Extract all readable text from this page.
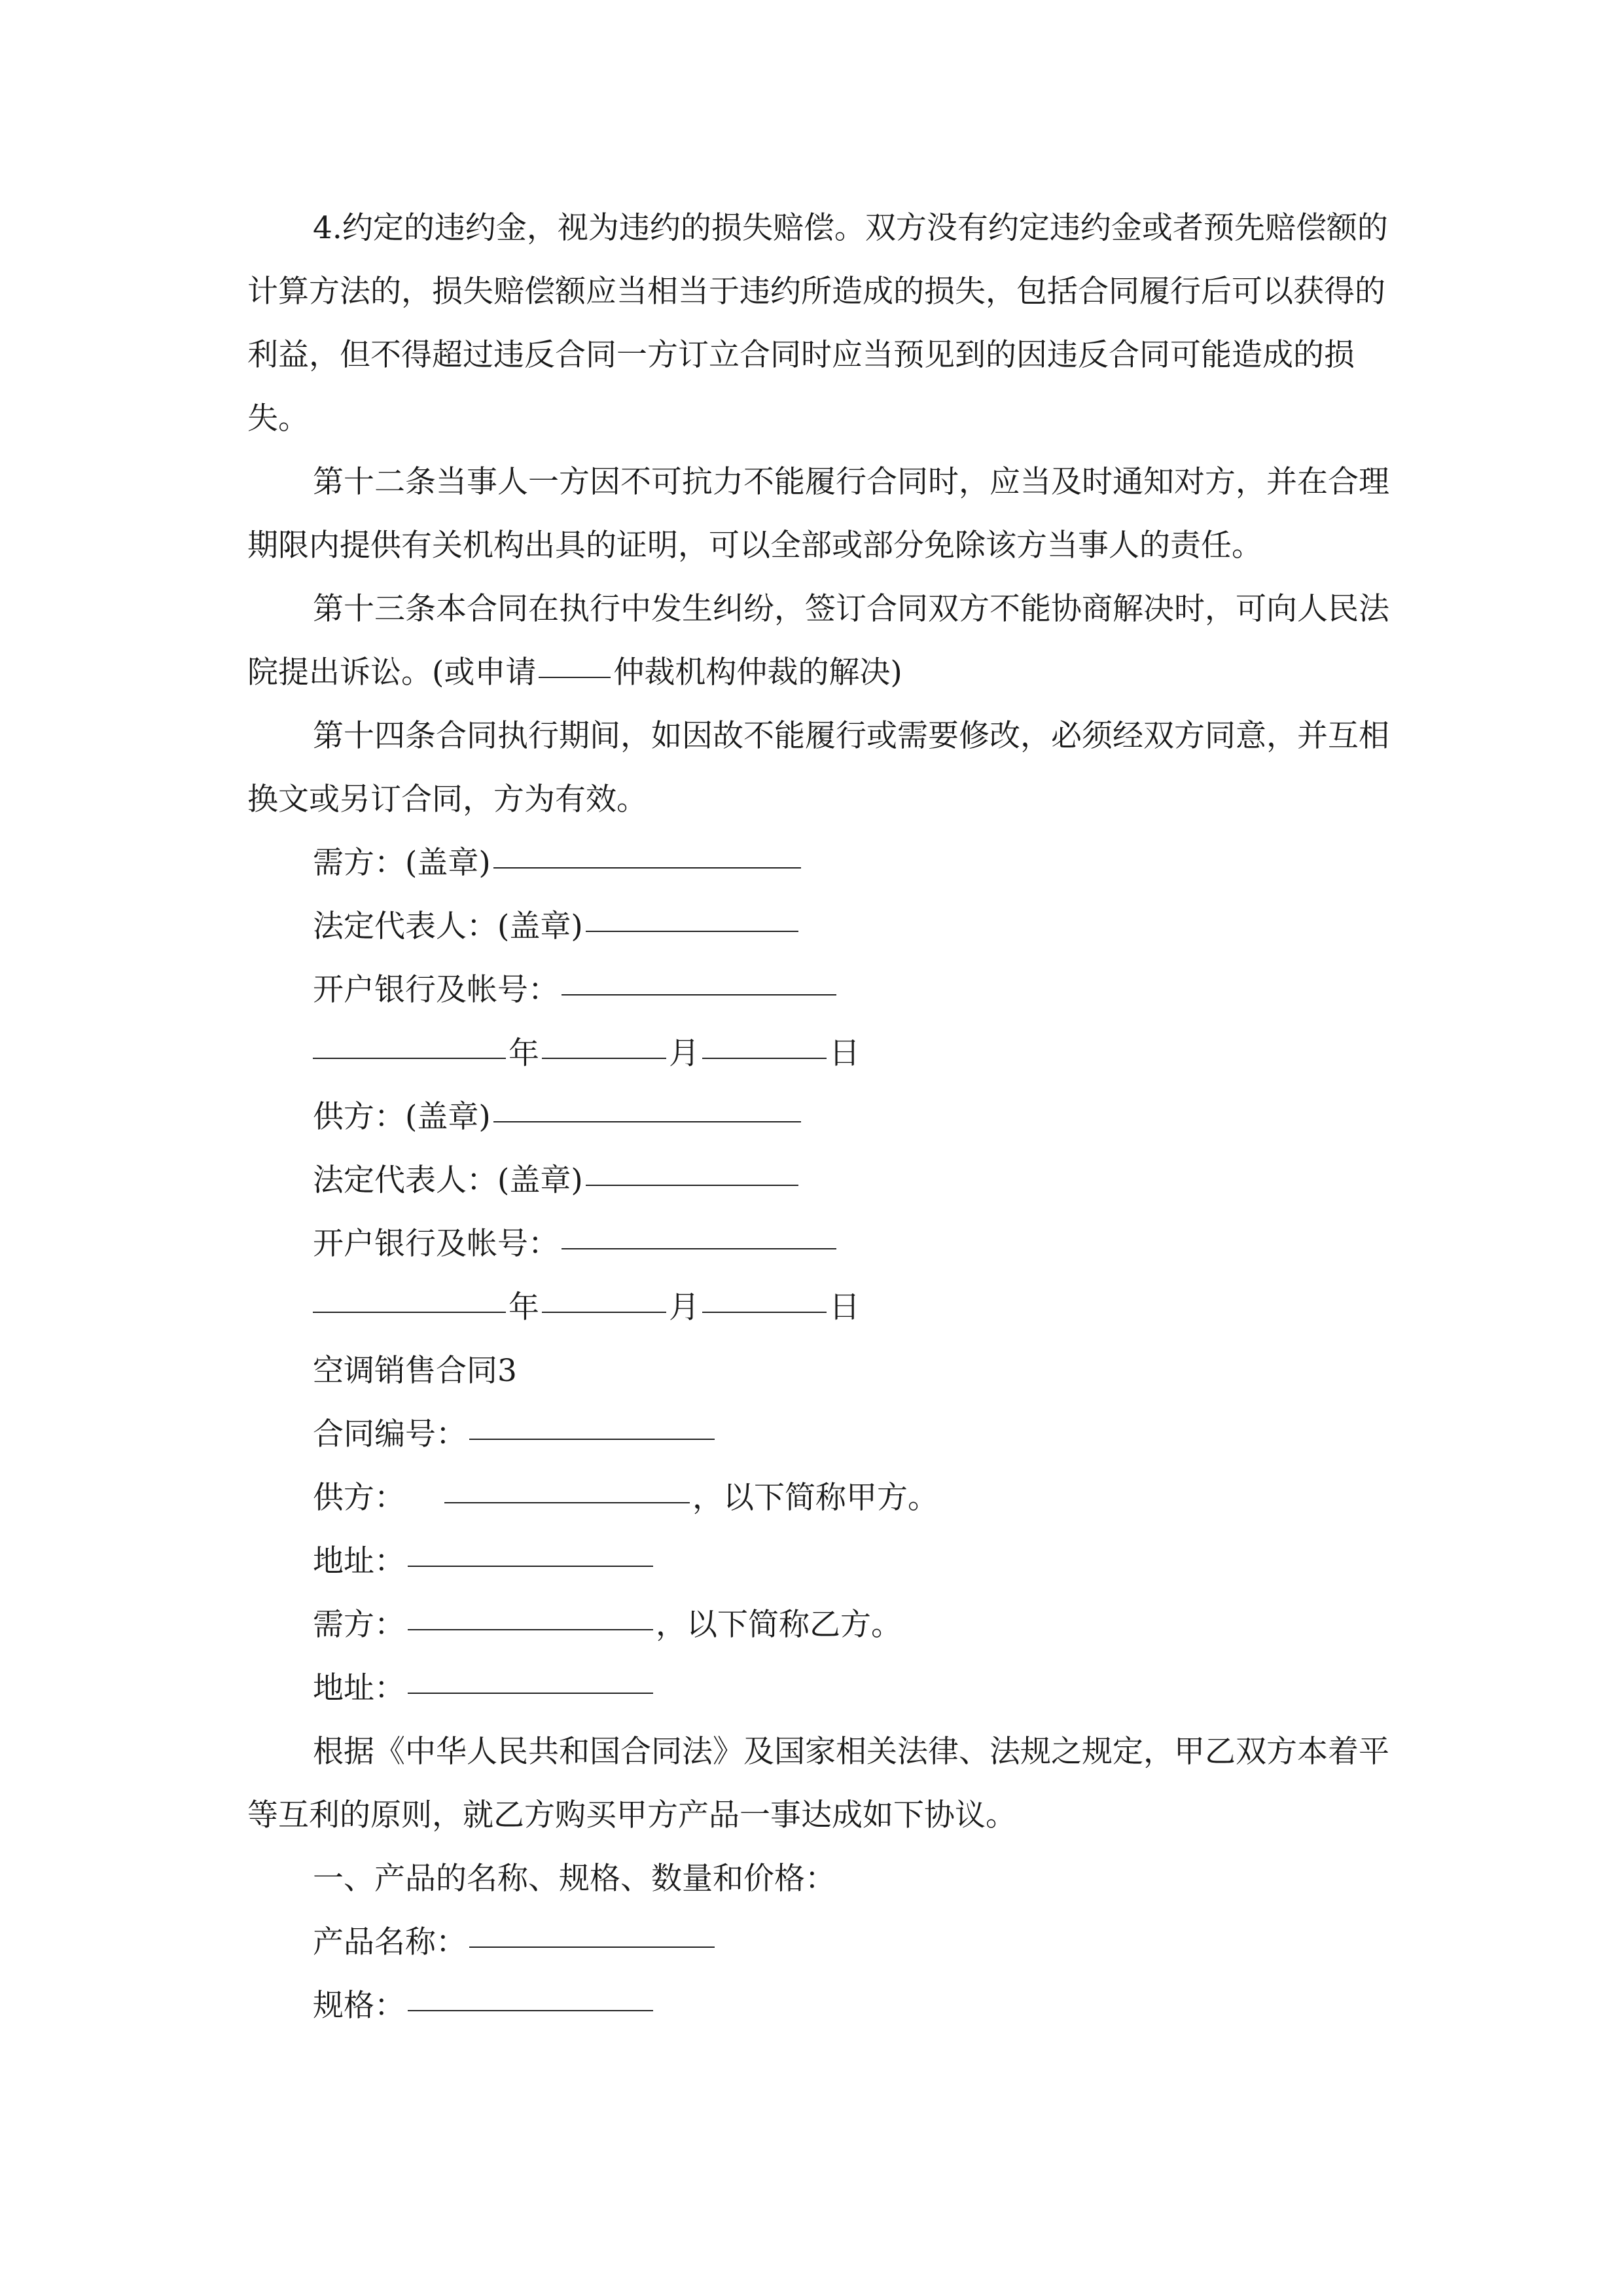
4.约定的违约金，视为违约的损失赔偿。双方没有约定违约金或者预先赔偿额的计算方法的，损失赔偿额应当相当于违约所造成的损失，包括合同履行后可以获得的利益，但不得超过违反合同一方订立合同时应当预见到的因违反合同可能造成的损失。

第十二条当事人一方因不可抗力不能履行合同时，应当及时通知对方，并在合理期限内提供有关机构出具的证明，可以全部或部分免除该方当事人的责任。

第十三条本合同在执行中发生纠纷，签订合同双方不能协商解决时，可向人民法院提出诉讼。(或申请	仲裁机构仲裁的解决)

第十四条合同执行期间，如因故不能履行或需要修改，必须经双方同意，并互相换文或另订合同，方为有效。

需方：(盖章)

法定代表人：(盖章)

开户银行及帐号：

年	月	日

供方：(盖章)

法定代表人：(盖章)

开户银行及帐号：

年	月	日

空调销售合同3

合同编号：

供方：	，以下简称甲方。

地址：

需方：	，以下简称乙方。

地址：

根据《中华人民共和国合同法》及国家相关法律、法规之规定，甲乙双方本着平等互利的原则，就乙方购买甲方产品一事达成如下协议。

一、产品的名称、规格、数量和价格：

产品名称：

规格：
